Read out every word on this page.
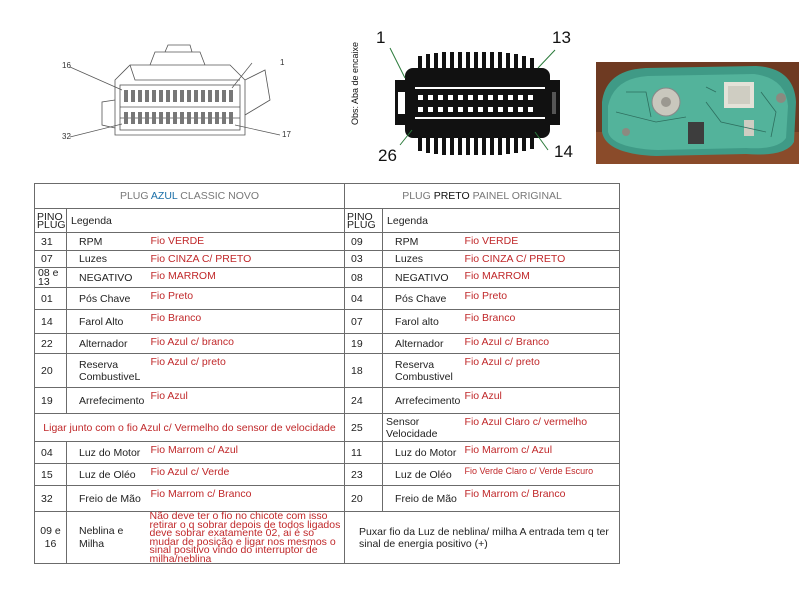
16	1
32	17
1	13
26	14
Obs: Aba de encaixe
PLUG AZUL CLASSIC NOVO			PLUG PRETO PAINEL ORIGINAL		
PINO PLUG	Legenda		PINO PLUG	Legenda	
31	RPM	Fio VERDE	09	RPM	Fio VERDE
07	Luzes	Fio CINZA C/ PRETO	03	Luzes	Fio CINZA C/ PRETO
08 e 13	NEGATIVO	Fio MARROM	08	NEGATIVO	Fio MARROM
01	Pós Chave	Fio Preto	04	Pós Chave	Fio Preto
14	Farol Alto	Fio Branco	07	Farol alto	Fio Branco
22	Alternador	Fio Azul c/ branco	19	Alternador	Fio Azul c/ Branco
20	Reserva CombustiveL	Fio Azul c/ preto	18	Reserva Combustivel	Fio Azul c/ preto
19	Arrefecimento	Fio Azul	24	Arrefecimento	Fio Azul
Ligar junto com o fio Azul c/ Vermelho do sensor de velocidade			25	Sensor Velocidade	Fio Azul Claro c/ vermelho
04	Luz do Motor	Fio Marrom c/ Azul	11	Luz do Motor	Fio Marrom c/ Azul
15	Luz de Oléo	Fio Azul c/ Verde	23	Luz de Oléo	Fio Verde Claro c/ Verde Escuro
32	Freio de Mão	Fio Marrom c/ Branco	20	Freio de Mão	Fio Marrom c/ Branco
09 e 16	Neblina e Milha	Não deve ter o fio no chicote com isso retirar o q sobrar depois de todos ligados deve sobrar exatamente 02, ai é so mudar de posição e ligar nos mesmos o sinal positivo vindo do interruptor de milha/neblina	Puxar fio da Luz de neblina/ milha A entrada tem q ter sinal de energia positivo (+)		
